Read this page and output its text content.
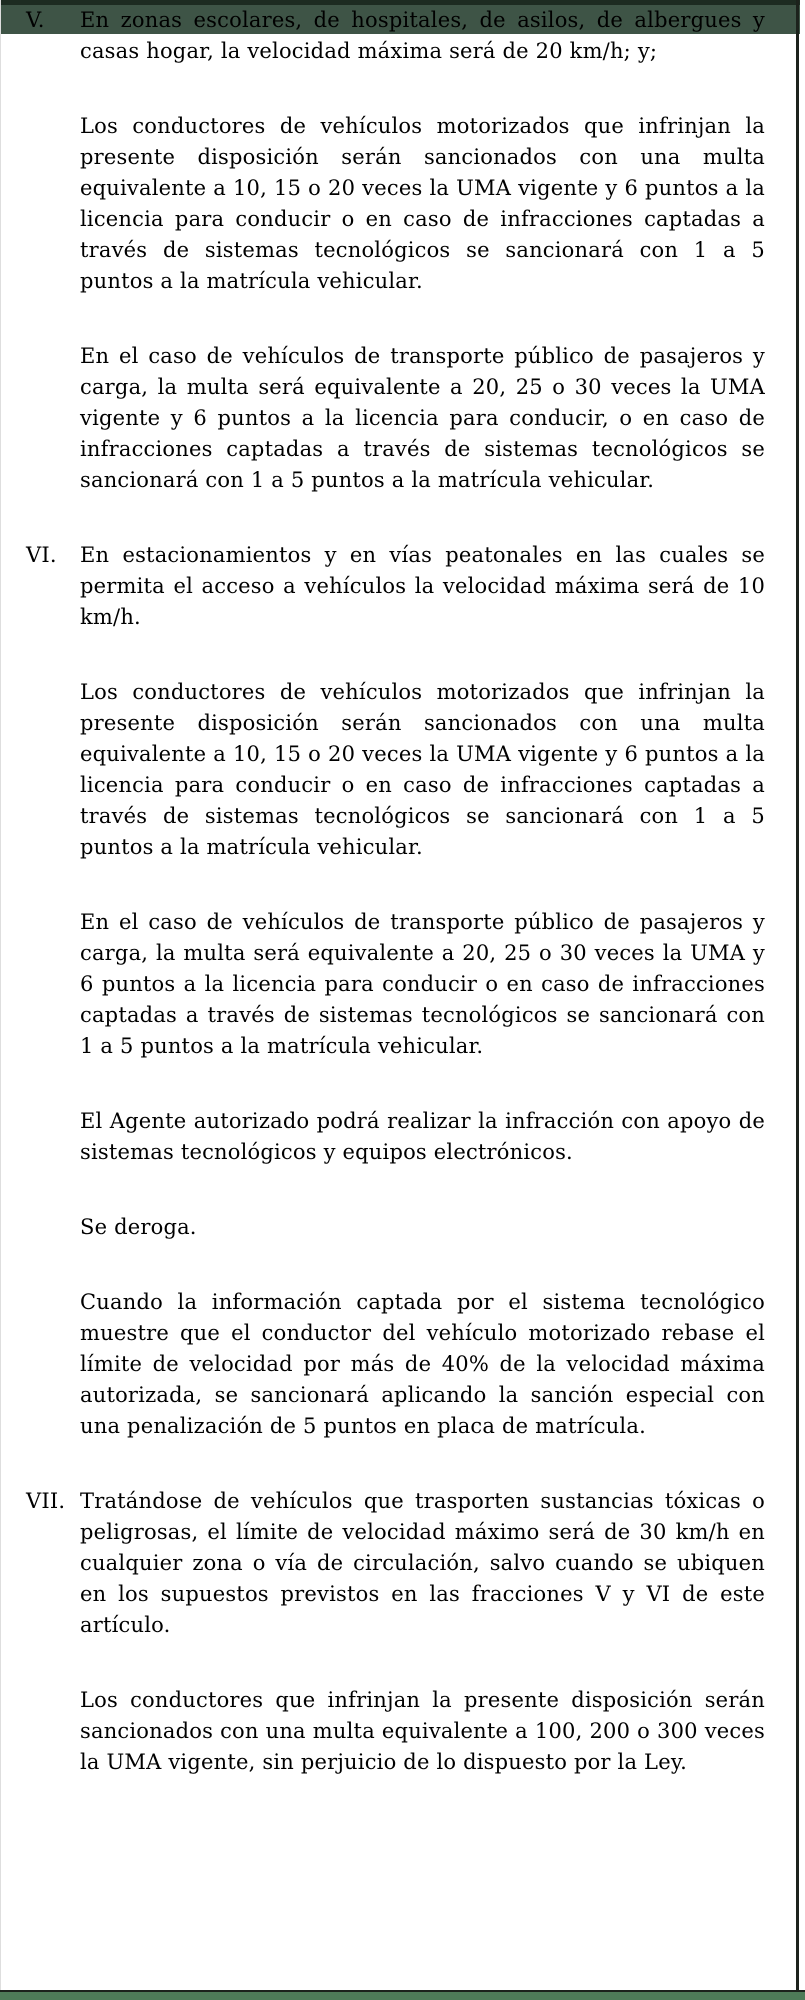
V.	En zonas escolares, de hospitales, de asilos, de albergues y casas hogar, la velocidad máxima será de 20 km/h; y;
Los conductores de vehículos motorizados que infrinjan la presente disposición serán sancionados con una multa equivalente a 10, 15 o 20 veces la UMA vigente y 6 puntos a la licencia para conducir o en caso de infracciones captadas a través de sistemas tecnológicos se sancionará con 1 a 5 puntos a la matrícula vehicular.
En el caso de vehículos de transporte público de pasajeros y carga, la multa será equivalente a 20, 25 o 30 veces la UMA vigente y 6 puntos a la licencia para conducir, o en caso de infracciones captadas a través de sistemas tecnológicos se sancionará con 1 a 5 puntos a la matrícula vehicular.
VI.	En estacionamientos y en vías peatonales en las cuales se permita el acceso a vehículos la velocidad máxima será de 10 km/h.
Los conductores de vehículos motorizados que infrinjan la presente disposición serán sancionados con una multa equivalente a 10, 15 o 20 veces la UMA vigente y 6 puntos a la licencia para conducir o en caso de infracciones captadas a través de sistemas tecnológicos se sancionará con 1 a 5 puntos a la matrícula vehicular.
En el caso de vehículos de transporte público de pasajeros y carga, la multa será equivalente a 20, 25 o 30 veces la UMA y 6 puntos a la licencia para conducir o en caso de infracciones captadas a través de sistemas tecnológicos se sancionará con 1 a 5 puntos a la matrícula vehicular.
El Agente autorizado podrá realizar la infracción con apoyo de sistemas tecnológicos y equipos electrónicos.
Se deroga.
Cuando la información captada por el sistema tecnológico muestre que el conductor del vehículo motorizado rebase el límite de velocidad por más de 40% de la velocidad máxima autorizada, se sancionará aplicando la sanción especial con una penalización de 5 puntos en placa de matrícula.
VII. Tratándose de vehículos que trasporten sustancias tóxicas o peligrosas, el límite de velocidad máximo será de 30 km/h en cualquier zona o vía de circulación, salvo cuando se ubiquen en los supuestos previstos en las fracciones V y VI de este artículo.
Los conductores que infrinjan la presente disposición serán sancionados con una multa equivalente a 100, 200 o 300 veces la UMA vigente, sin perjuicio de lo dispuesto por la Ley.
